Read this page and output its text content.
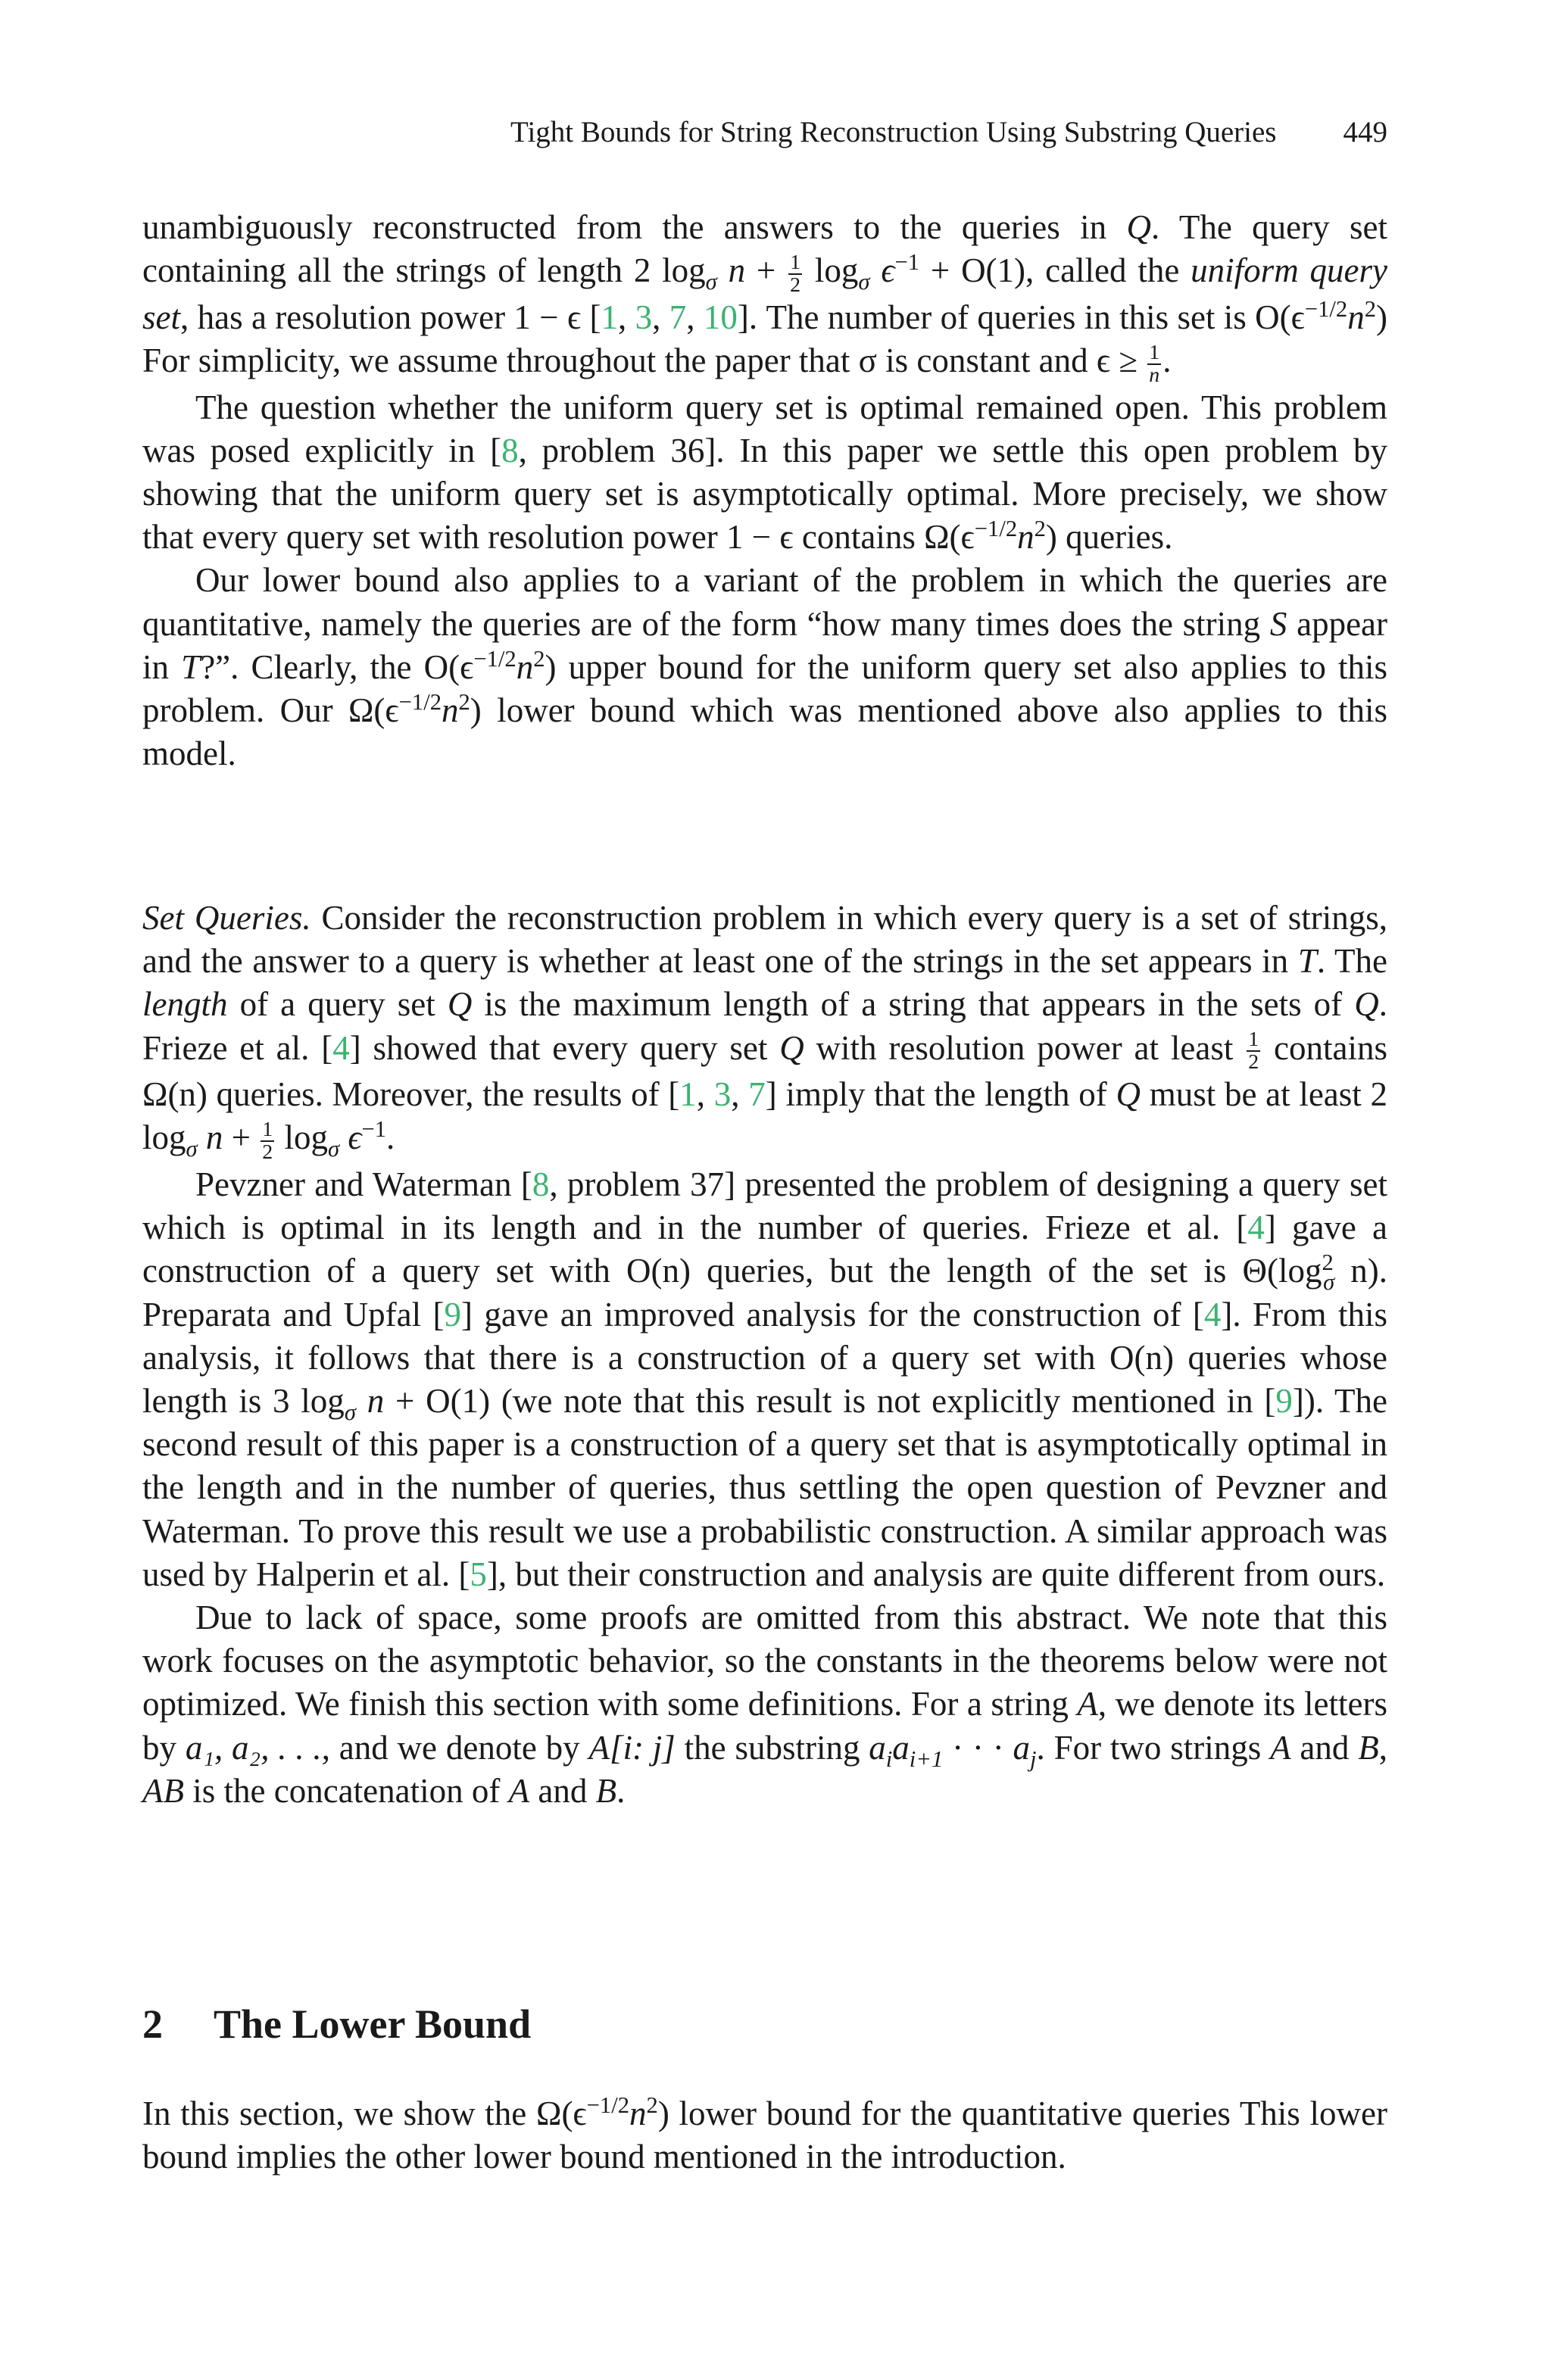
Tight Bounds for String Reconstruction Using Substring Queries 449

unambiguously reconstructed from the answers to the queries in Q. The query set containing all the strings of length 2 $\log_\sigma n + \frac{1}{2} \log_\sigma \epsilon^{-1} + O(1)$, called the uniform query set, has a resolution power 1 − ϵ [1, 3, 7, 10]. The number of queries in this set is $O(\epsilon^{-1/2}n^2)$ For simplicity, we assume throughout the paper that σ is constant and $\epsilon \ge \frac{1}{n}$.

The question whether the uniform query set is optimal remained open. This problem was posed explicitly in [8, problem 36]. In this paper we settle this open problem by showing that the uniform query set is asymptotically optimal. More precisely, we show that every query set with resolution power 1 − ϵ contains $\Omega(\epsilon^{-1/2}n^2)$ queries.

Our lower bound also applies to a variant of the problem in which the queries are quantitative, namely the queries are of the form “how many times does the string S appear in T?”. Clearly, the $O(\epsilon^{-1/2}n^2)$ upper bound for the uniform query set also applies to this problem. Our $\Omega(\epsilon^{-1/2}n^2)$ lower bound which was mentioned above also applies to this model.

Set Queries. Consider the reconstruction problem in which every query is a set of strings, and the answer to a query is whether at least one of the strings in the set appears in T. The length of a query set Q is the maximum length of a string that appears in the sets of Q. Frieze et al. [4] showed that every query set Q with resolution power at least $\frac{1}{2}$ contains Ω(n) queries. Moreover, the results of [1, 3, 7] imply that the length of Q must be at least 2 $\log_\sigma n + \frac{1}{2} \log_\sigma \epsilon^{-1}$.

Pevzner and Waterman [8, problem 37] presented the problem of designing a query set which is optimal in its length and in the number of queries. Frieze et al. [4] gave a construction of a query set with O(n) queries, but the length of the set is $\Theta(\log^2_\sigma$ n). Preparata and Upfal [9] gave an improved analysis for the construction of [4]. From this analysis, it follows that there is a construction of a query set with O(n) queries whose length is 3 $\log_\sigma n + O(1)$ (we note that this result is not explicitly mentioned in [9]). The second result of this paper is a construction of a query set that is asymptotically optimal in the length and in the number of queries, thus settling the open question of Pevzner and Waterman. To prove this result we use a probabilistic construction. A similar approach was used by Halperin et al. [5], but their construction and analysis are quite different from ours.

Due to lack of space, some proofs are omitted from this abstract. We note that this work focuses on the asymptotic behavior, so the constants in the theorems below were not optimized. We finish this section with some definitions. For a string A, we denote its letters by a₁, a₂, . . ., and we denote by A[i: j] the substring $a_ia_{i+1}$ · · · $a_j$. For two strings A and B, AB is the concatenation of A and B.

2 The Lower Bound

In this section, we show the $\Omega(\epsilon^{-1/2}n^2)$ lower bound for the quantitative queries This lower bound implies the other lower bound mentioned in the introduction.
